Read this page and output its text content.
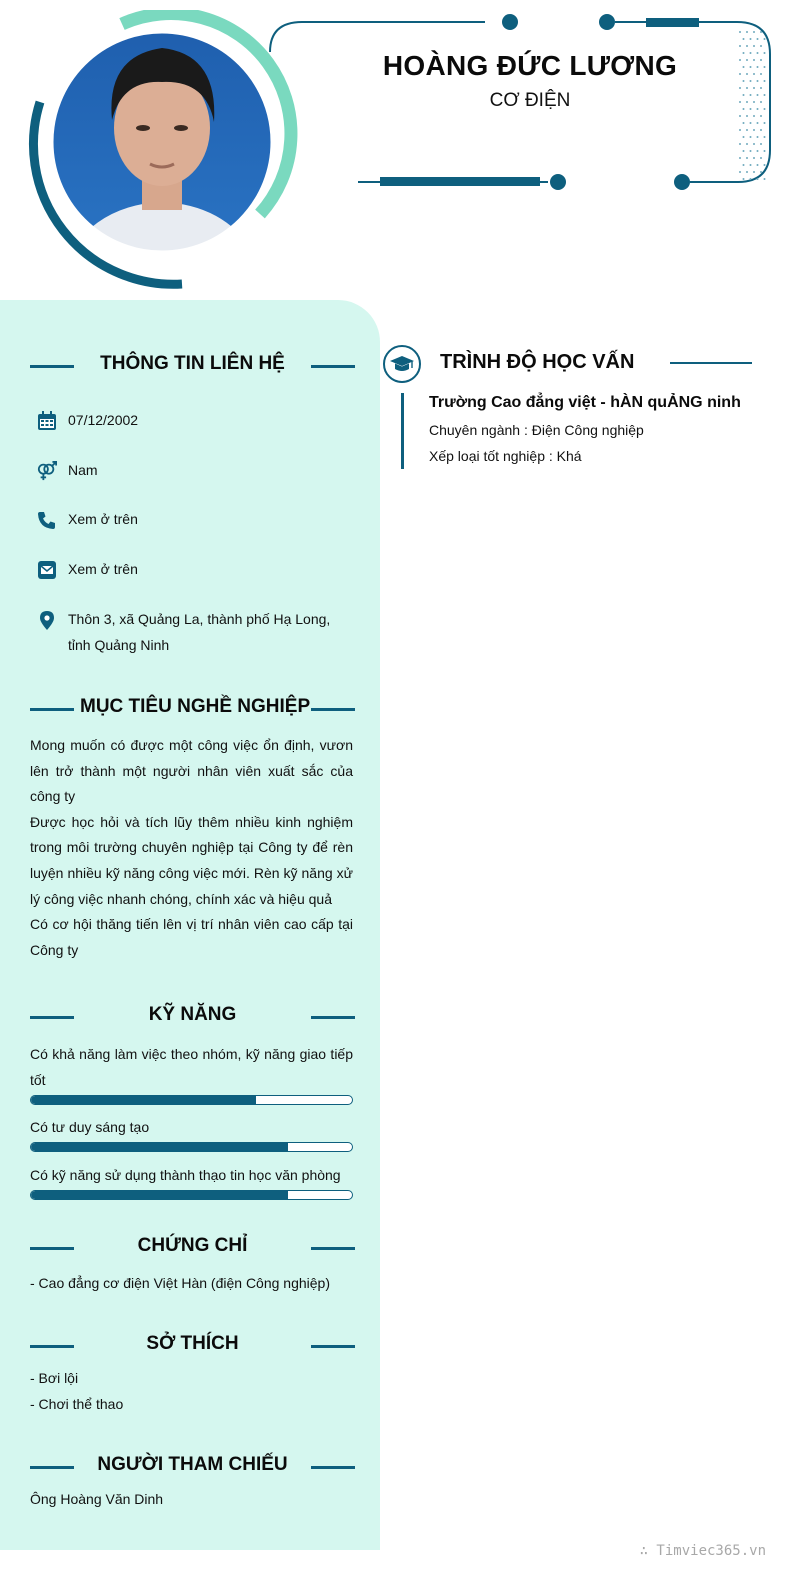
HOÀNG ĐỨC LƯƠNG
CƠ ĐIỆN
THÔNG TIN LIÊN HỆ
07/12/2002
Nam
Xem ở trên
Xem ở trên
Thôn 3, xã Quảng La, thành phố Hạ Long, tỉnh Quảng Ninh
MỤC TIÊU NGHỀ NGHIỆP
Mong muốn có được một công việc ổn định, vươn lên trở thành một người nhân viên xuất sắc của công ty
Được học hỏi và tích lũy thêm nhiều kinh nghiệm trong môi trường chuyên nghiệp tại Công ty để rèn luyện nhiều kỹ năng công việc mới. Rèn kỹ năng xử lý công việc nhanh chóng, chính xác và hiệu quả
Có cơ hội thăng tiến lên vị trí nhân viên cao cấp tại Công ty
KỸ NĂNG
Có khả năng làm việc theo nhóm, kỹ năng giao tiếp tốt
Có tư duy sáng tạo
Có kỹ năng sử dụng thành thạo tin học văn phòng
CHỨNG CHỈ
- Cao đẳng cơ điện Việt Hàn (điện Công nghiệp)
SỞ THÍCH
- Bơi lội
- Chơi thể thao
NGƯỜI THAM CHIẾU
Ông Hoàng Văn Dinh
TRÌNH ĐỘ HỌC VẤN
Trường Cao đẳng việt - hÀN quẢNG ninh
Chuyên ngành : Điện Công nghiệp
Xếp loại tốt nghiệp : Khá
∴ Timviec365.vn
